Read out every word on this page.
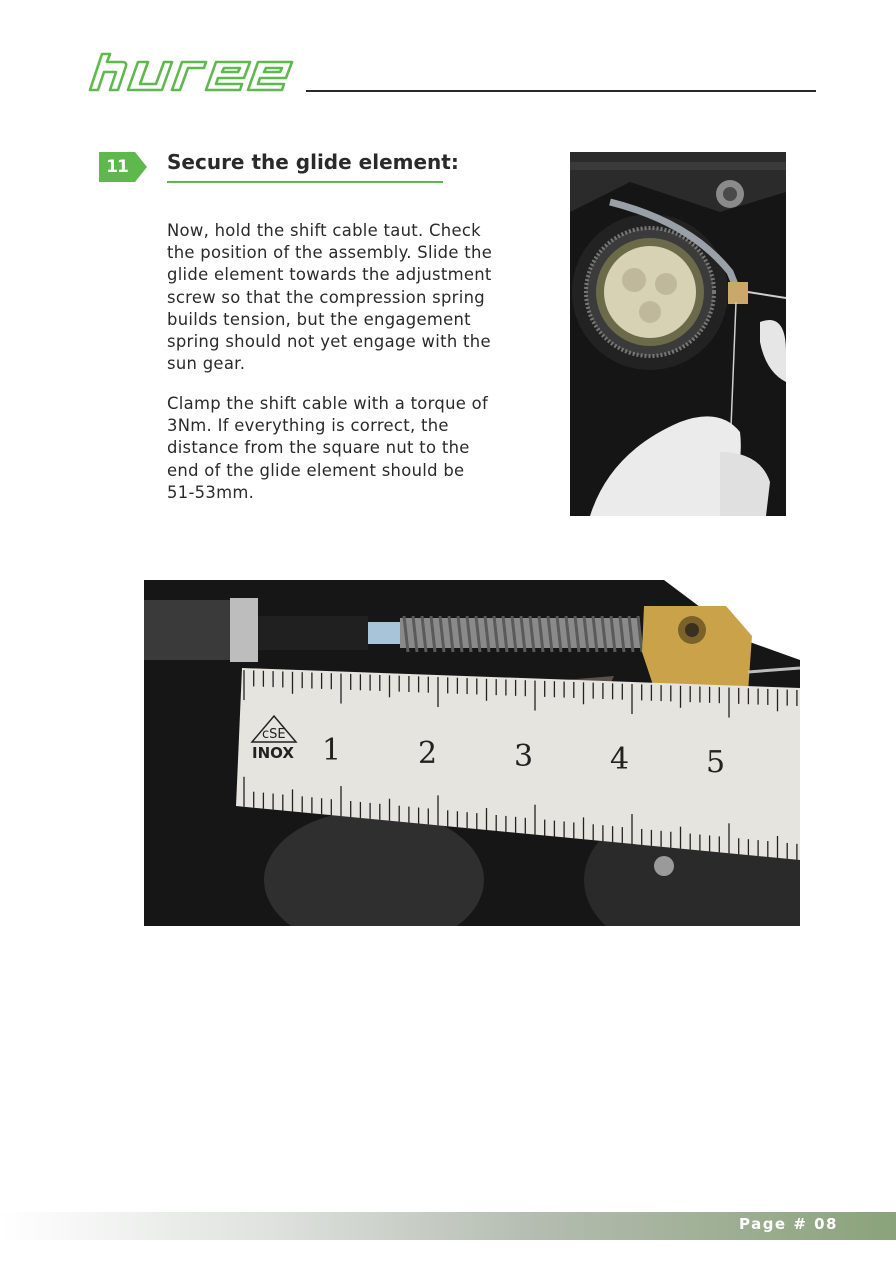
11	Secure the glide element:
Now, hold the shift cable taut. Check
the position of the assembly. Slide the
glide element towards the adjustment
screw so that the compression spring
builds tension, but the engagement
spring should not yet engage with the
sun gear.
Clamp the shift cable with a torque of
3Nm. If everything is correct, the
distance from the square nut to the
end of the glide element should be
51-53mm.
1	2	3	4	5
cSE
INOX
Page # 08
